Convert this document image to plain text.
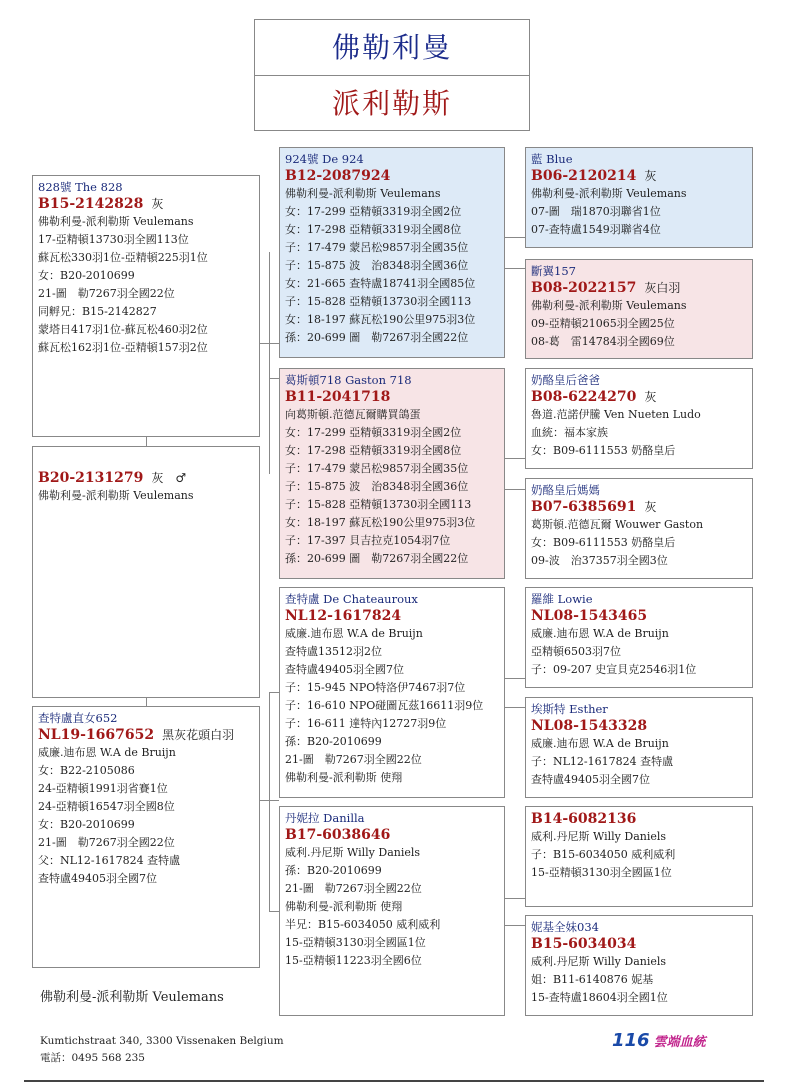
佛勒利曼
派利勒斯
828號 The 828
B15-2142828 灰
佛勒利曼-派利勒斯 Veulemans
17-亞精頓13730羽全國113位
蘇瓦松330羽1位-亞精頓225羽1位
女：B20-2010699
21-圖　勒7267羽全國22位
同孵兄：B15-2142827
蒙塔日417羽1位-蘇瓦松460羽2位
蘇瓦松162羽1位-亞精頓157羽2位
B20-2131279 灰　♂
佛勒利曼-派利勒斯 Veulemans
查特盧直女652
NL19-1667652 黑灰花頭白羽
威廉.迪布恩 W.A de Bruijn
女：B22-2105086
24-亞精頓1991羽省賽1位
24-亞精頓16547羽全國8位
女：B20-2010699
21-圖　勒7267羽全國22位
父：NL12-1617824 查特盧
查特盧49405羽全國7位
924號 De 924
B12-2087924
佛勒利曼-派利勒斯 Veulemans
女：17-299 亞精頓3319羽全國2位
女：17-298 亞精頓3319羽全國8位
子：17-479 蒙呂松9857羽全國35位
子：15-875 波　治8348羽全國36位
女：21-665 查特盧18741羽全國85位
子：15-828 亞精頓13730羽全國113
女：18-197 蘇瓦松190公里975羽3位
孫：20-699 圖　勒7267羽全國22位
葛斯頓718 Gaston 718
B11-2041718
向葛斯頓.范德瓦爾購買鴿蛋
女：17-299 亞精頓3319羽全國2位
女：17-298 亞精頓3319羽全國8位
子：17-479 蒙呂松9857羽全國35位
子：15-875 波　治8348羽全國36位
子：15-828 亞精頓13730羽全國113
女：18-197 蘇瓦松190公里975羽3位
子：17-397 貝吉拉克1054羽7位
孫：20-699 圖　勒7267羽全國22位
查特盧 De Chateauroux
NL12-1617824
威廉.迪布恩 W.A de Bruijn
查特盧13512羽2位
查特盧49405羽全國7位
子：15-945 NPO特洛伊7467羽7位
子：16-610 NPO碰圖瓦茲16611羽9位
子：16-611 達特內12727羽9位
孫：B20-2010699
21-圖　勒7267羽全國22位
佛勒利曼-派利勒斯 使翔
丹妮拉 Danilla
B17-6038646
威利.丹尼斯 Willy Daniels
孫：B20-2010699
21-圖　勒7267羽全國22位
佛勒利曼-派利勒斯 使翔
半兄：B15-6034050 威利威利
15-亞精頓3130羽全國區1位
15-亞精頓11223羽全國6位
藍 Blue
B06-2120214 灰
佛勒利曼-派利勒斯 Veulemans
07-圖　瑞1870羽聯省1位
07-查特盧1549羽聯省4位
斷翼157
B08-2022157 灰白羽
佛勒利曼-派利勒斯 Veulemans
09-亞精頓21065羽全國25位
08-葛　雷14784羽全國69位
奶酪皇后爸爸
B08-6224270 灰
魯道.范諾伊騰 Ven Nueten Ludo
血統：福本家族
女：B09-6111553 奶酪皇后
奶酪皇后媽媽
B07-6385691 灰
葛斯頓.范德瓦爾 Wouwer Gaston
女：B09-6111553 奶酪皇后
09-波　治37357羽全國3位
羅維 Lowie
NL08-1543465
威廉.迪布恩 W.A de Bruijn
亞精頓6503羽7位
子：09-207 史宣貝克2546羽1位
埃斯特 Esther
NL08-1543328
威廉.迪布恩 W.A de Bruijn
子：NL12-1617824 查特盧
查特盧49405羽全國7位
B14-6082136
威利.丹尼斯 Willy Daniels
子：B15-6034050 威利威利
15-亞精頓3130羽全國區1位
妮基全妹034
B15-6034034
威利.丹尼斯 Willy Daniels
姐：B11-6140876 妮基
15-查特盧18604羽全國1位
佛勒利曼-派利勒斯 Veulemans
Kumtichstraat 340, 3300 Vissenaken Belgium
電話：0495 568 235
116 雲端血統
